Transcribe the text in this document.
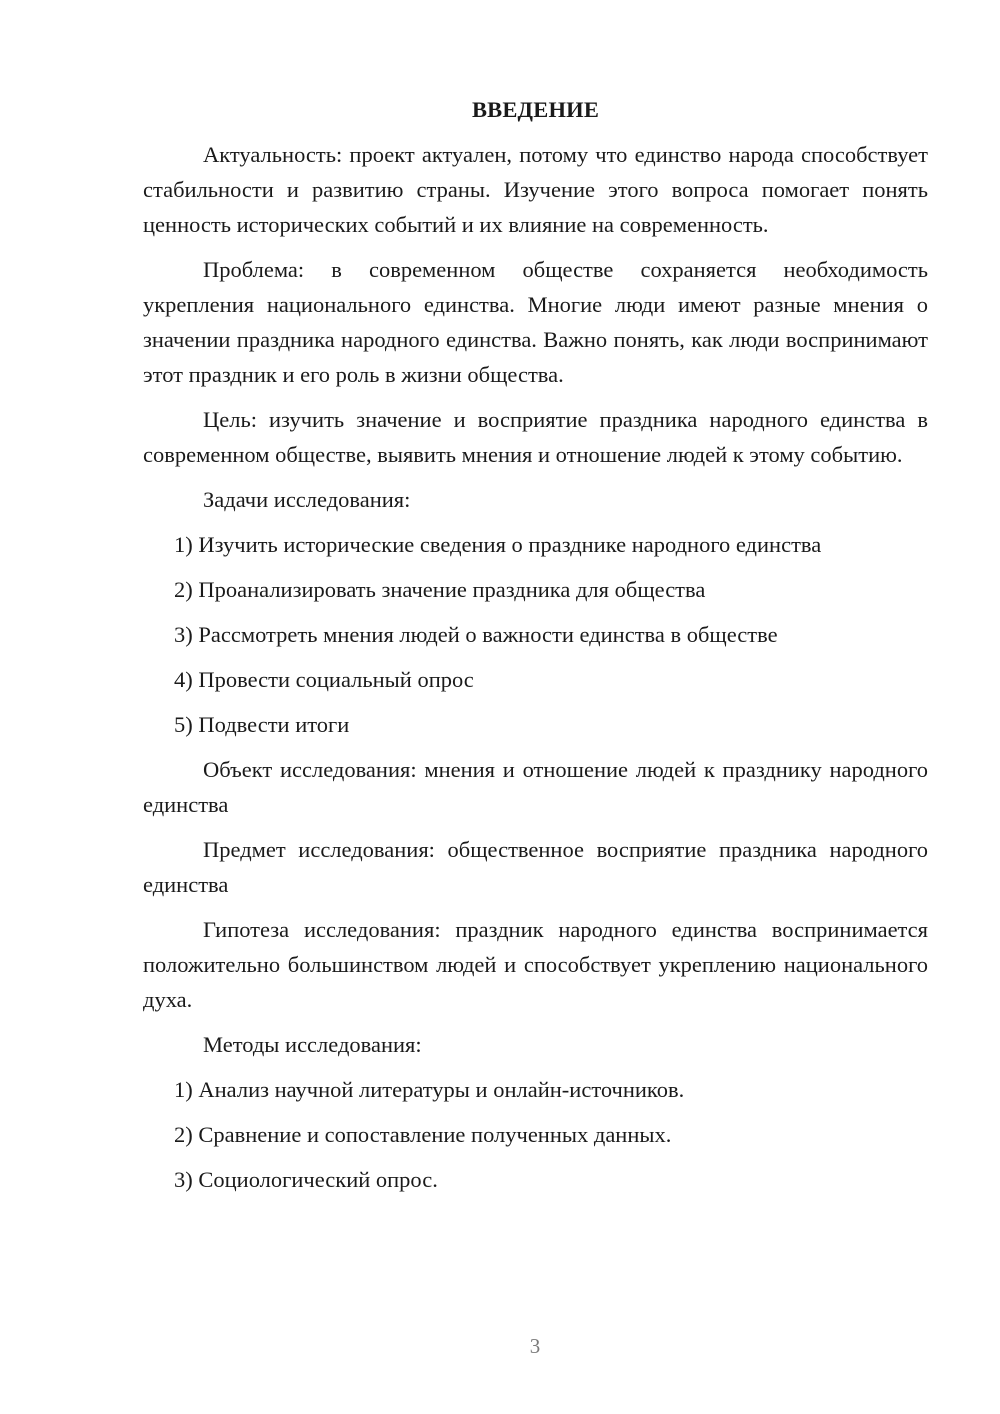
ВВЕДЕНИЕ

Актуальность: проект актуален, потому что единство народа способствует стабильности и развитию страны. Изучение этого вопроса помогает понять ценность исторических событий и их влияние на современность.

Проблема: в современном обществе сохраняется необходимость укрепления национального единства. Многие люди имеют разные мнения о значении праздника народного единства. Важно понять, как люди воспринимают этот праздник и его роль в жизни общества.

Цель: изучить значение и восприятие праздника народного единства в современном обществе, выявить мнения и отношение людей к этому событию.

Задачи исследования:

1) Изучить исторические сведения о празднике народного единства
2) Проанализировать значение праздника для общества
3) Рассмотреть мнения людей о важности единства в обществе
4) Провести социальный опрос
5) Подвести итоги

Объект исследования: мнения и отношение людей к празднику народного единства

Предмет исследования: общественное восприятие праздника народного единства

Гипотеза исследования: праздник народного единства воспринимается положительно большинством людей и способствует укреплению национального духа.

Методы исследования:

1) Анализ научной литературы и онлайн-источников.
2) Сравнение и сопоставление полученных данных.
3) Социологический опрос.
3
